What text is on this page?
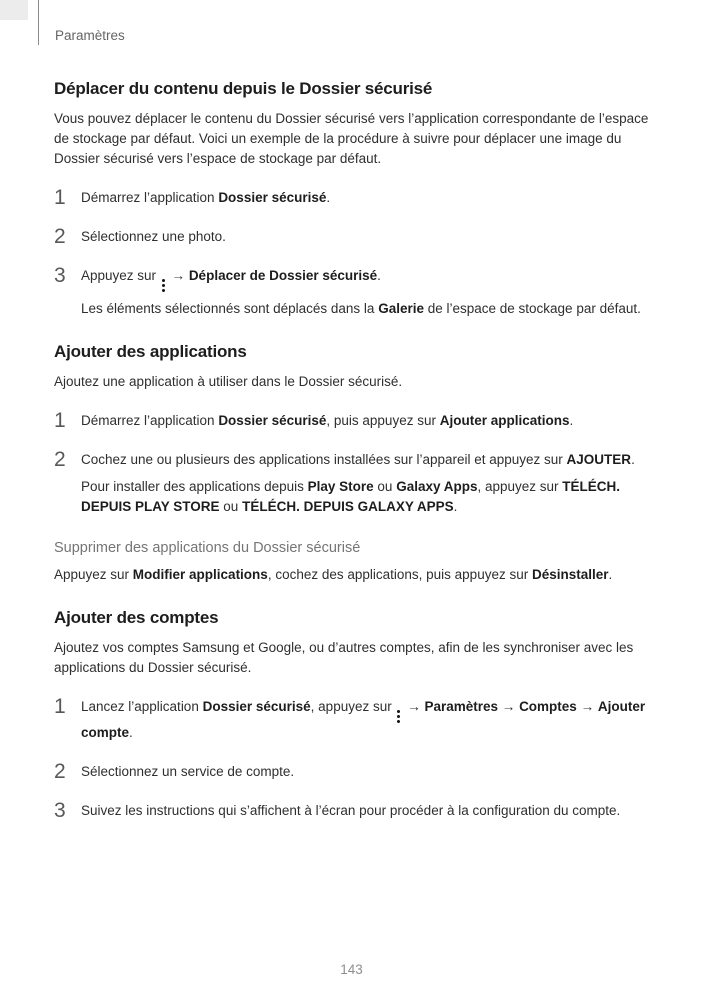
Paramètres
Déplacer du contenu depuis le Dossier sécurisé

Vous pouvez déplacer le contenu du Dossier sécurisé vers l’application correspondante de l’espace de stockage par défaut. Voici un exemple de la procédure à suivre pour déplacer une image du Dossier sécurisé vers l’espace de stockage par défaut.

1	Démarrez l’application Dossier sécurisé.

2	Sélectionnez une photo.

3	Appuyez sur
→ Déplacer de Dossier sécurisé.

Les éléments sélectionnés sont déplacés dans la Galerie de l’espace de stockage par défaut.

Ajouter des applications

Ajoutez une application à utiliser dans le Dossier sécurisé.

1	Démarrez l’application Dossier sécurisé, puis appuyez sur Ajouter applications.

2	Cochez une ou plusieurs des applications installées sur l’appareil et appuyez sur AJOUTER.

Pour installer des applications depuis Play Store ou Galaxy Apps, appuyez sur TÉLÉCH. DEPUIS PLAY STORE ou TÉLÉCH. DEPUIS GALAXY APPS.

Supprimer des applications du Dossier sécurisé

Appuyez sur Modifier applications, cochez des applications, puis appuyez sur Désinstaller.

Ajouter des comptes

Ajoutez vos comptes Samsung et Google, ou d’autres comptes, afin de les synchroniser avec les applications du Dossier sécurisé.

1	Lancez l’application Dossier sécurisé, appuyez sur
→ Paramètres → Comptes → Ajouter compte.

2	Sélectionnez un service de compte.

3	Suivez les instructions qui s’affichent à l’écran pour procéder à la configuration du compte.

143
